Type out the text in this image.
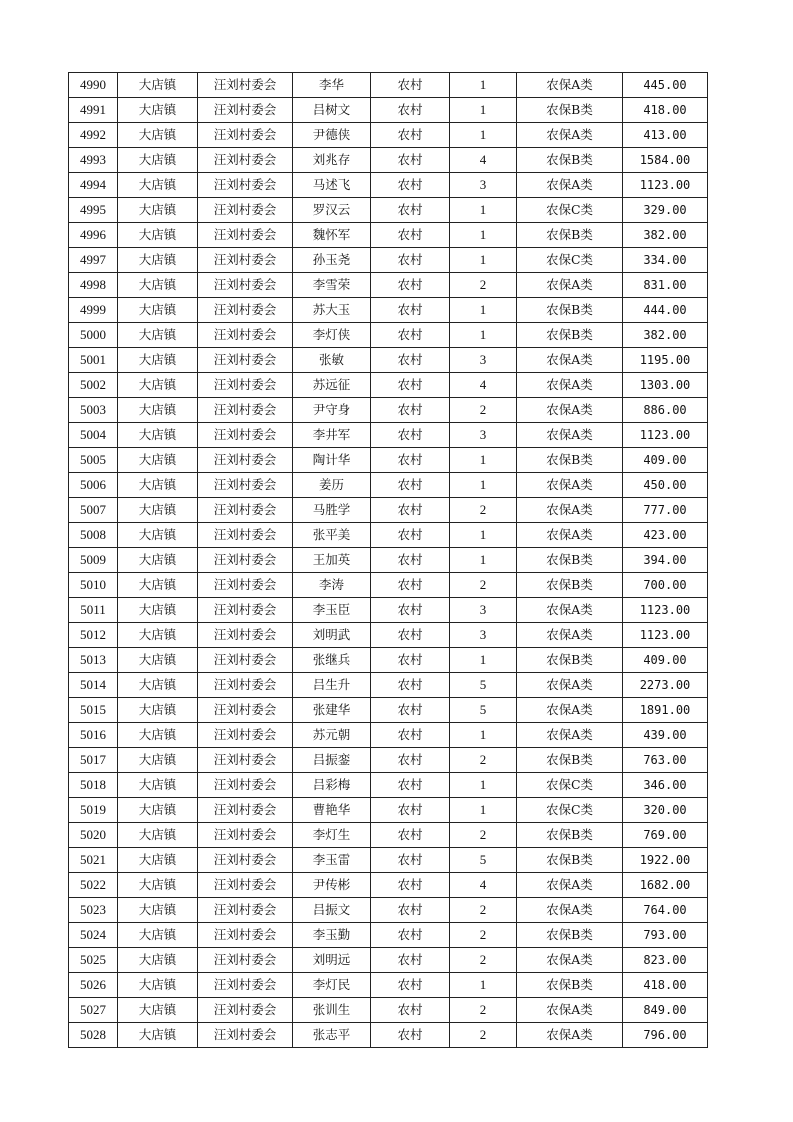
4990	大店镇	汪刘村委会	李华	农村	1	农保A类	445.00
4991	大店镇	汪刘村委会	吕树文	农村	1	农保B类	418.00
4992	大店镇	汪刘村委会	尹德侠	农村	1	农保A类	413.00
4993	大店镇	汪刘村委会	刘兆存	农村	4	农保B类	1584.00
4994	大店镇	汪刘村委会	马述飞	农村	3	农保A类	1123.00
4995	大店镇	汪刘村委会	罗汉云	农村	1	农保C类	329.00
4996	大店镇	汪刘村委会	魏怀军	农村	1	农保B类	382.00
4997	大店镇	汪刘村委会	孙玉尧	农村	1	农保C类	334.00
4998	大店镇	汪刘村委会	李雪荣	农村	2	农保A类	831.00
4999	大店镇	汪刘村委会	苏大玉	农村	1	农保B类	444.00
5000	大店镇	汪刘村委会	李灯侠	农村	1	农保B类	382.00
5001	大店镇	汪刘村委会	张敏	农村	3	农保A类	1195.00
5002	大店镇	汪刘村委会	苏远征	农村	4	农保A类	1303.00
5003	大店镇	汪刘村委会	尹守身	农村	2	农保A类	886.00
5004	大店镇	汪刘村委会	李井军	农村	3	农保A类	1123.00
5005	大店镇	汪刘村委会	陶计华	农村	1	农保B类	409.00
5006	大店镇	汪刘村委会	姜历	农村	1	农保A类	450.00
5007	大店镇	汪刘村委会	马胜学	农村	2	农保A类	777.00
5008	大店镇	汪刘村委会	张平美	农村	1	农保A类	423.00
5009	大店镇	汪刘村委会	王加英	农村	1	农保B类	394.00
5010	大店镇	汪刘村委会	李涛	农村	2	农保B类	700.00
5011	大店镇	汪刘村委会	李玉臣	农村	3	农保A类	1123.00
5012	大店镇	汪刘村委会	刘明武	农村	3	农保A类	1123.00
5013	大店镇	汪刘村委会	张继兵	农村	1	农保B类	409.00
5014	大店镇	汪刘村委会	吕生升	农村	5	农保A类	2273.00
5015	大店镇	汪刘村委会	张建华	农村	5	农保A类	1891.00
5016	大店镇	汪刘村委会	苏元朝	农村	1	农保A类	439.00
5017	大店镇	汪刘村委会	吕振銮	农村	2	农保B类	763.00
5018	大店镇	汪刘村委会	吕彩梅	农村	1	农保C类	346.00
5019	大店镇	汪刘村委会	曹艳华	农村	1	农保C类	320.00
5020	大店镇	汪刘村委会	李灯生	农村	2	农保B类	769.00
5021	大店镇	汪刘村委会	李玉雷	农村	5	农保B类	1922.00
5022	大店镇	汪刘村委会	尹传彬	农村	4	农保A类	1682.00
5023	大店镇	汪刘村委会	吕振文	农村	2	农保A类	764.00
5024	大店镇	汪刘村委会	李玉勤	农村	2	农保B类	793.00
5025	大店镇	汪刘村委会	刘明远	农村	2	农保A类	823.00
5026	大店镇	汪刘村委会	李灯民	农村	1	农保B类	418.00
5027	大店镇	汪刘村委会	张训生	农村	2	农保A类	849.00
5028	大店镇	汪刘村委会	张志平	农村	2	农保A类	796.00
